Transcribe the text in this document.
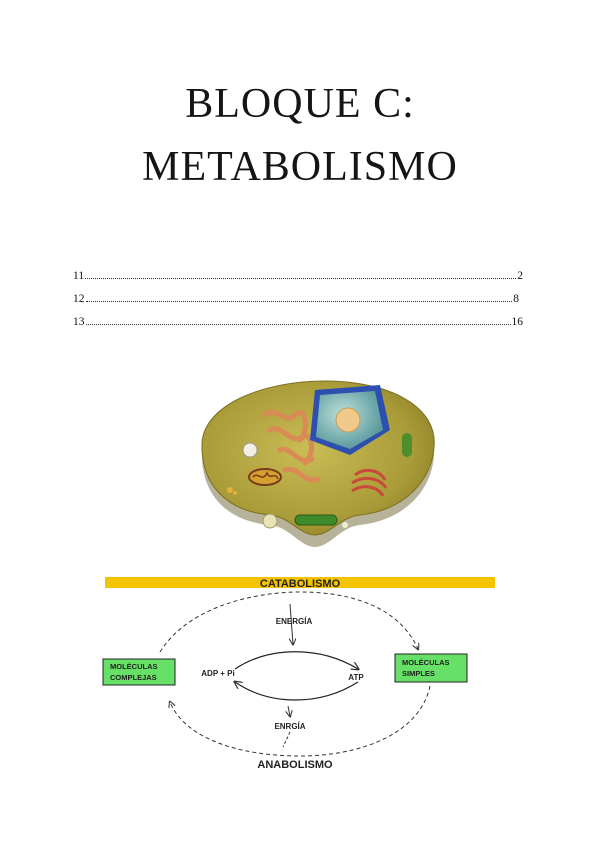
BLOQUE C:
METABOLISMO
11	2
12	8
13	16
CATABOLISMO
ENERGÍA
ENRGÍA
ADP + Pi	ATP
MOLÉCULAS
COMPLEJAS
MOLÉCULAS
SIMPLES
ANABOLISMO
